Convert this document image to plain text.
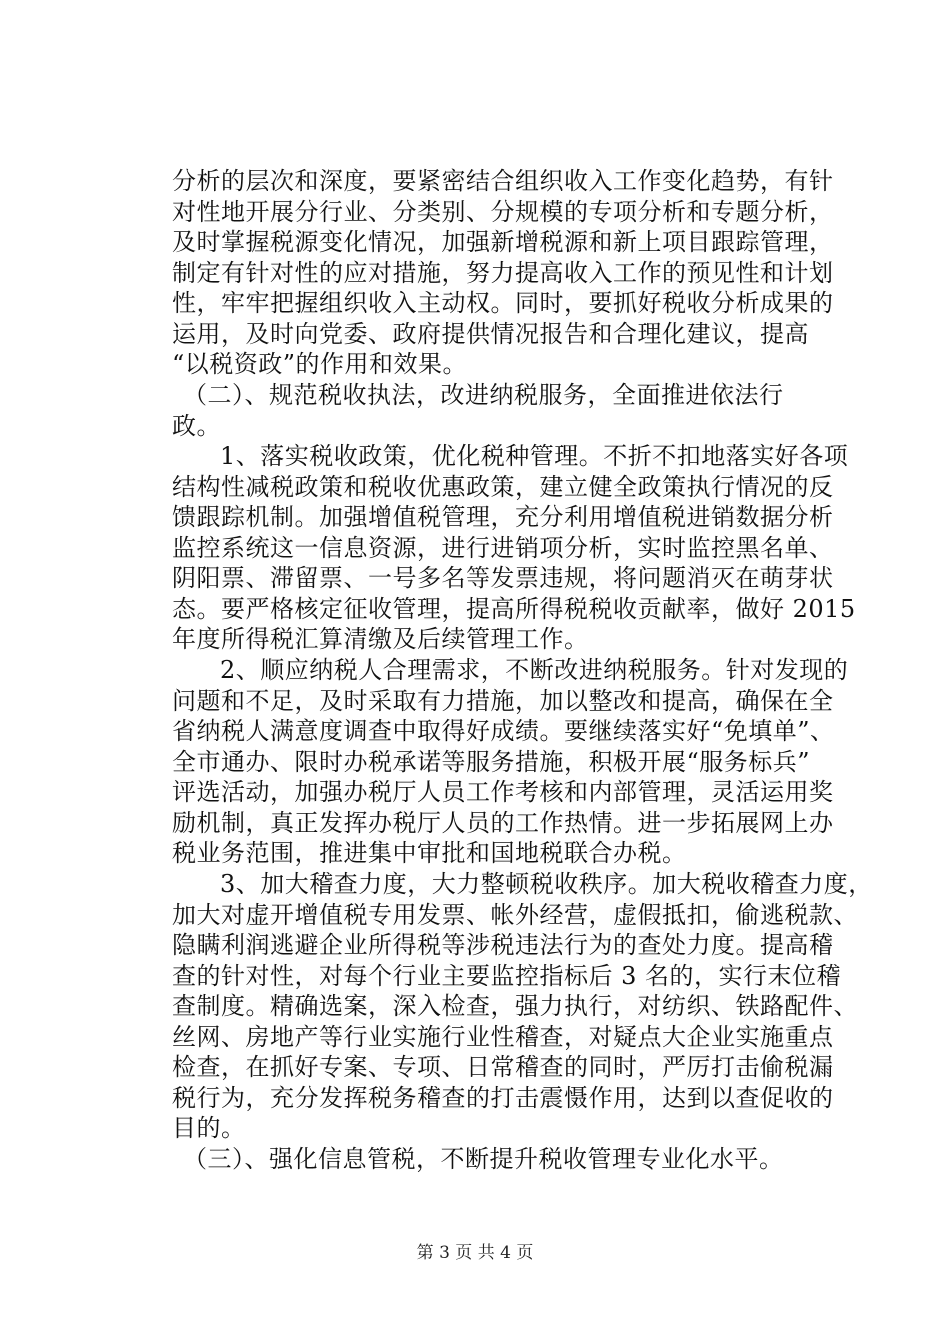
分析的层次和深度，要紧密结合组织收入工作变化趋势，有针
对性地开展分行业、分类别、分规模的专项分析和专题分析，
及时掌握税源变化情况，加强新增税源和新上项目跟踪管理，
制定有针对性的应对措施，努力提高收入工作的预见性和计划
性，牢牢把握组织收入主动权。同时，要抓好税收分析成果的
运用，及时向党委、政府提供情况报告和合理化建议，提高
“以税资政”的作用和效果。
（二）、规范税收执法，改进纳税服务，全面推进依法行
政。
1、落实税收政策，优化税种管理。不折不扣地落实好各项
结构性减税政策和税收优惠政策，建立健全政策执行情况的反
馈跟踪机制。加强增值税管理，充分利用增值税进销数据分析
监控系统这一信息资源，进行进销项分析，实时监控黑名单、
阴阳票、滞留票、一号多名等发票违规，将问题消灭在萌芽状
态。要严格核定征收管理，提高所得税税收贡献率，做好 2015
年度所得税汇算清缴及后续管理工作。
2、顺应纳税人合理需求，不断改进纳税服务。针对发现的
问题和不足，及时采取有力措施，加以整改和提高，确保在全
省纳税人满意度调查中取得好成绩。要继续落实好“免填单”、
全市通办、限时办税承诺等服务措施，积极开展“服务标兵”
评选活动，加强办税厅人员工作考核和内部管理，灵活运用奖
励机制，真正发挥办税厅人员的工作热情。进一步拓展网上办
税业务范围，推进集中审批和国地税联合办税。
3、加大稽查力度，大力整顿税收秩序。加大税收稽查力度，
加大对虚开增值税专用发票、帐外经营，虚假抵扣，偷逃税款、
隐瞒利润逃避企业所得税等涉税违法行为的查处力度。提高稽
查的针对性，对每个行业主要监控指标后 3 名的，实行末位稽
查制度。精确选案，深入检查，强力执行，对纺织、铁路配件、
丝网、房地产等行业实施行业性稽查，对疑点大企业实施重点
检查，在抓好专案、专项、日常稽查的同时，严厉打击偷税漏
税行为，充分发挥税务稽查的打击震慑作用，达到以查促收的
目的。
（三）、强化信息管税，不断提升税收管理专业化水平。
第 3 页 共 4 页
